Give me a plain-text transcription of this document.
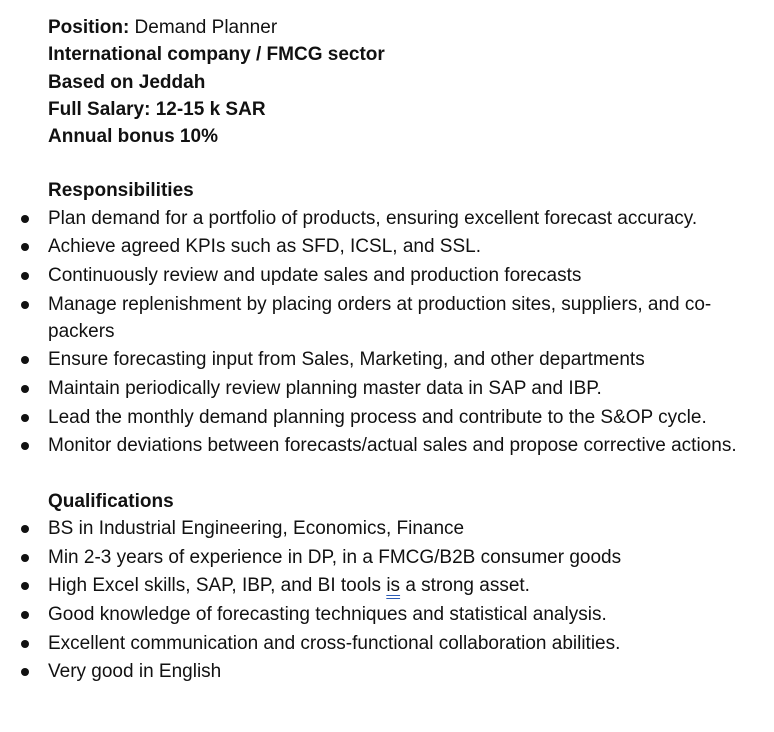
Position: Demand Planner
International company / FMCG sector
Based on Jeddah
Full Salary: 12-15 k SAR
Annual bonus 10%
Responsibilities
Plan demand for a portfolio of products, ensuring excellent forecast accuracy.
Achieve agreed KPIs such as SFD, ICSL, and SSL.
Continuously review and update sales and production forecasts
Manage replenishment by placing orders at production sites, suppliers, and co-packers
Ensure forecasting input from Sales, Marketing, and other departments
Maintain periodically review planning master data in SAP and IBP.
Lead the monthly demand planning process and contribute to the S&OP cycle.
Monitor deviations between forecasts/actual sales and propose corrective actions.
Qualifications
BS in Industrial Engineering, Economics, Finance
Min 2-3 years of experience in DP, in a FMCG/B2B consumer goods
High Excel skills, SAP, IBP, and BI tools is a strong asset.
Good knowledge of forecasting techniques and statistical analysis.
Excellent communication and cross-functional collaboration abilities.
Very good in English
